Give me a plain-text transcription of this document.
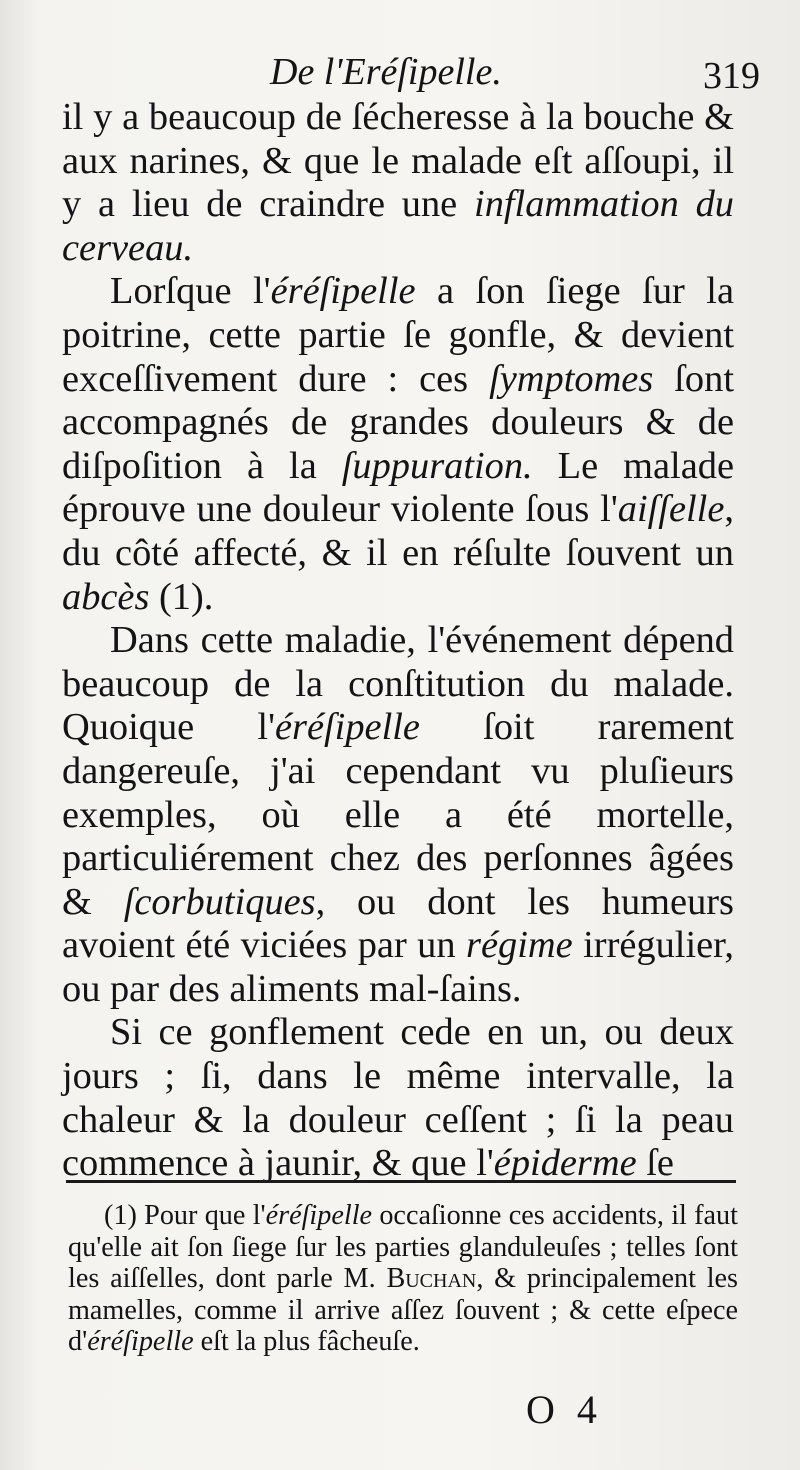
De l'Eréſipelle.	319

il y a beaucoup de ſécheresse à la bouche & aux narines, & que le malade eſt aſſoupi, il y a lieu de craindre une inflammation du cerveau.

Lorſque l'éréſipelle a ſon ſiege ſur la poitrine, cette partie ſe gonfle, & devient exceſſivement dure : ces ſymptomes ſont accompagnés de grandes douleurs & de diſpoſition à la ſuppuration. Le malade éprouve une douleur violente ſous l'aiſſelle, du côté affecté, & il en réſulte ſouvent un abcès (1).

Dans cette maladie, l'événement dépend beaucoup de la conſtitution du malade. Quoique l'éréſipelle ſoit rarement dangereuſe, j'ai cependant vu pluſieurs exemples, où elle a été mortelle, particuliérement chez des perſonnes âgées & ſcorbutiques, ou dont les humeurs avoient été viciées par un régime irrégulier, ou par des aliments mal-ſains.

Si ce gonflement cede en un, ou deux jours ; ſi, dans le même intervalle, la chaleur & la douleur ceſſent ; ſi la peau commence à jaunir, & que l'épiderme ſe

(1) Pour que l'éréſipelle occaſionne ces accidents, il faut qu'elle ait ſon ſiege ſur les parties glanduleuſes ; telles ſont les aiſſelles, dont parle M. Buchan, & principalement les mamelles, comme il arrive aſſez ſouvent ; & cette eſpece d'éréſipelle eſt la plus fâcheuſe.

O 4
